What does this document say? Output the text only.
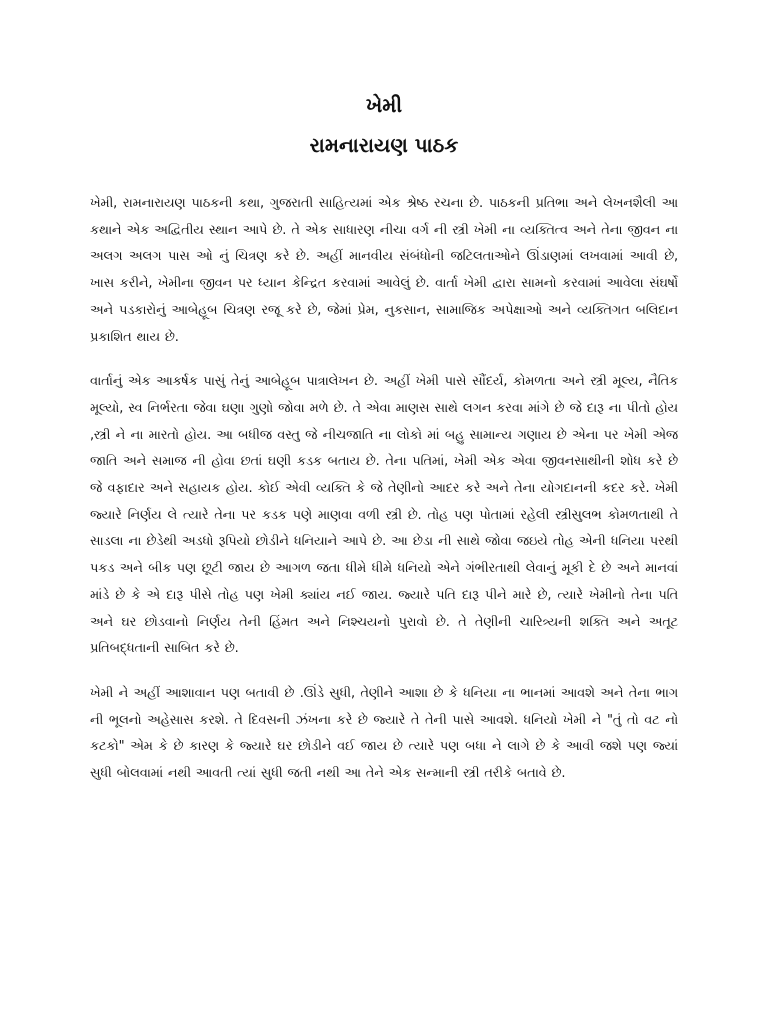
ખેમી
રામનારાયણ પાઠક

ખેમી, રામનારાયણ પાઠકની કથા, ગુજરાતી સાહિત્યમાં એક શ્રેષ્ઠ રચના છે. પાઠકની પ્રતિભા અને લેખનશૈલી આ કથાને એક અદ્વિતીય સ્થાન આપે છે. તે એક સાધારણ નીચા વર્ગ ની સ્ત્રી ખેમી ના વ્યક્તિત્વ અને તેના જીવન ના અલગ અલગ પાસ ઓ નું ચિત્રણ કરે છે. અહીં માનવીય સંબંધોની જટિલતાઓને ઊંડાણમાં લખવામાં આવી છે, ખાસ કરીને, ખેમીના જીવન પર ધ્યાન કેન્દ્રિત કરવામાં આવેલું છે. વાર્તા ખેમી દ્વારા સામનો કરવામાં આવેલા સંઘર્ષો અને પડકારોનું આબેહૂબ ચિત્રણ રજૂ કરે છે, જેમાં પ્રેમ, નુકસાન, સામાજિક અપેક્ષાઓ અને વ્યક્તિગત બલિદાન પ્રકાશિત થાય છે.

વાર્તાનું એક આકર્ષક પાસું તેનું આબેહૂબ પાત્રાલેખન છે. અહીં ખેમી પાસે સૌંદર્ય, કોમળતા અને સ્ત્રી મૂલ્ય, નૈતિક મૂલ્યો, સ્વ નિર્ભરતા જેવા ઘણા ગુણો જોવા મળે છે. તે એવા માણસ સાથે લગન કરવા માંગે છે જે દારૂ ના પીતો હોય ,સ્ત્રી ને ના મારતો હોય. આ બધીજ વસ્તુ જે નીચજાતિ ના લોકો માં બહુ સામાન્ય ગણાય છે એના પર ખેમી એજ જાતિ અને સમાજ ની હોવા છતાં ઘણી કડક બતાય છે. તેના પતિમાં, ખેમી એક એવા જીવનસાથીની શોધ કરે છે જે વફાદાર અને સહાયક હોય. કોઈ એવી વ્યક્તિ કે જે તેણીનો આદર કરે અને તેના યોગદાનની કદર કરે. ખેમી જ્યારે નિર્ણય લે ત્યારે તેના પર કડક પણે માણવા વળી સ્ત્રી છે. તોહ પણ પોતામાં રહેલી સ્ત્રીસુલભ કોમળતાથી તે સાડલા ના છેડેથી અડધો રૂપિયો છોડીને ધનિયાને આપે છે. આ છેડા ની સાથે જોવા જઇયે તોહ એની ધનિયા પરથી પકડ અને બીક પણ છૂટી જાય છે આગળ જતા ધીમે ધીમે ધનિયો એને ગંભીરતાથી લેવાનું મૂકી દે છે અને માનવાં માંડે છે કે એ દારૂ પીસે તોહ પણ ખેમી ક્યાંય નઈ જાય. જ્યારે પતિ દારૂ પીને મારે છે, ત્યારે ખેમીનો તેના પતિ અને ઘર છોડવાનો નિર્ણય તેની હિંમત અને નિશ્ચયનો પુરાવો છે. તે તેણીની ચારિત્ર્યની શક્તિ અને અતૂટ પ્રતિબદ્ધતાની સાબિત કરે છે.

ખેમી ને અહીં આશાવાન પણ બતાવી છે .ઊંડે સુધી, તેણીને આશા છે કે ધનિયા ના ભાનમાં આવશે અને તેના ભાગ ની ભૂલનો અહેસાસ કરશે. તે દિવસની ઝંખના કરે છે જ્યારે તે તેની પાસે આવશે. ધનિયો ખેમી ને "તું તો વટ નો કટકો" એમ કે છે કારણ કે જ્યારે ઘર છોડીને વઈ જાય છે ત્યારે પણ બધા ને લાગે છે કે આવી જશે પણ જ્યાં સુધી બોલવામાં નથી આવતી ત્યાં સુધી જતી નથી આ તેને એક સન્માની સ્ત્રી તરીકે બતાવે છે.
